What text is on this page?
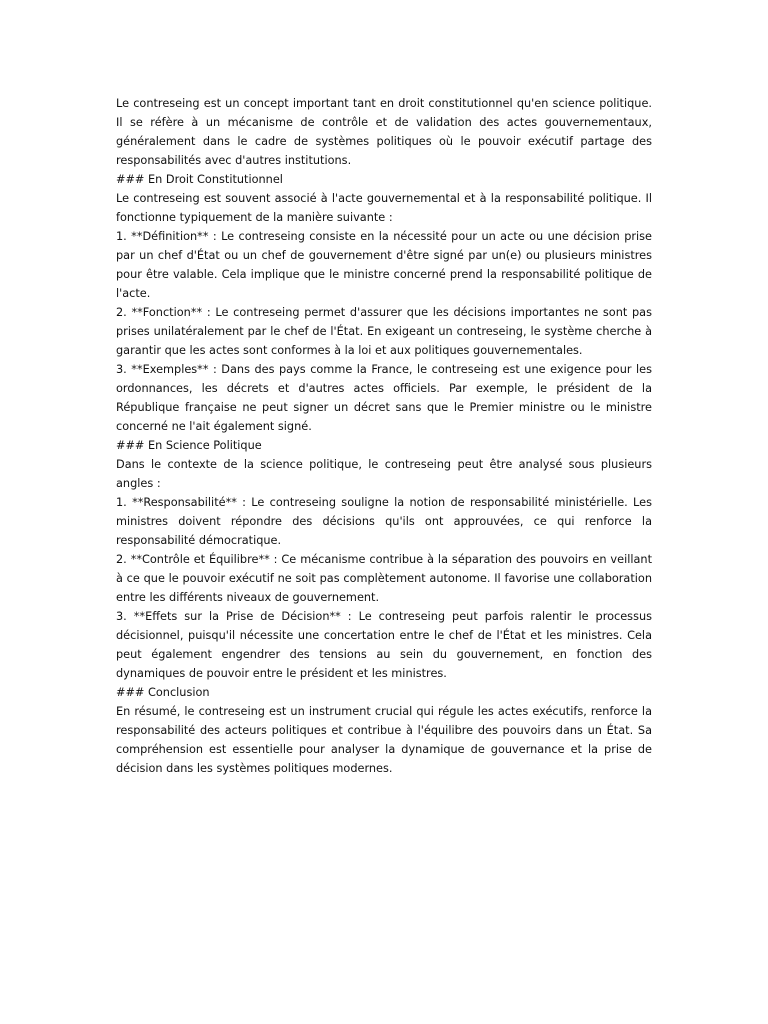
Le contreseing est un concept important tant en droit constitutionnel qu'en science politique. Il se réfère à un mécanisme de contrôle et de validation des actes gouvernementaux, généralement dans le cadre de systèmes politiques où le pouvoir exécutif partage des responsabilités avec d'autres institutions.

### En Droit Constitutionnel

Le contreseing est souvent associé à l'acte gouvernemental et à la responsabilité politique. Il fonctionne typiquement de la manière suivante :

1. **Définition** : Le contreseing consiste en la nécessité pour un acte ou une décision prise par un chef d'État ou un chef de gouvernement d'être signé par un(e) ou plusieurs ministres pour être valable. Cela implique que le ministre concerné prend la responsabilité politique de l'acte.

2. **Fonction** : Le contreseing permet d'assurer que les décisions importantes ne sont pas prises unilatéralement par le chef de l'État. En exigeant un contreseing, le système cherche à garantir que les actes sont conformes à la loi et aux politiques gouvernementales.

3. **Exemples** : Dans des pays comme la France, le contreseing est une exigence pour les ordonnances, les décrets et d'autres actes officiels. Par exemple, le président de la République française ne peut signer un décret sans que le Premier ministre ou le ministre concerné ne l'ait également signé.

### En Science Politique

Dans le contexte de la science politique, le contreseing peut être analysé sous plusieurs angles :

1. **Responsabilité** : Le contreseing souligne la notion de responsabilité ministérielle. Les ministres doivent répondre des décisions qu'ils ont approuvées, ce qui renforce la responsabilité démocratique.

2. **Contrôle et Équilibre** : Ce mécanisme contribue à la séparation des pouvoirs en veillant à ce que le pouvoir exécutif ne soit pas complètement autonome. Il favorise une collaboration entre les différents niveaux de gouvernement.

3. **Effets sur la Prise de Décision** : Le contreseing peut parfois ralentir le processus décisionnel, puisqu'il nécessite une concertation entre le chef de l'État et les ministres. Cela peut également engendrer des tensions au sein du gouvernement, en fonction des dynamiques de pouvoir entre le président et les ministres.

### Conclusion

En résumé, le contreseing est un instrument crucial qui régule les actes exécutifs, renforce la responsabilité des acteurs politiques et contribue à l'équilibre des pouvoirs dans un État. Sa compréhension est essentielle pour analyser la dynamique de gouvernance et la prise de décision dans les systèmes politiques modernes.
